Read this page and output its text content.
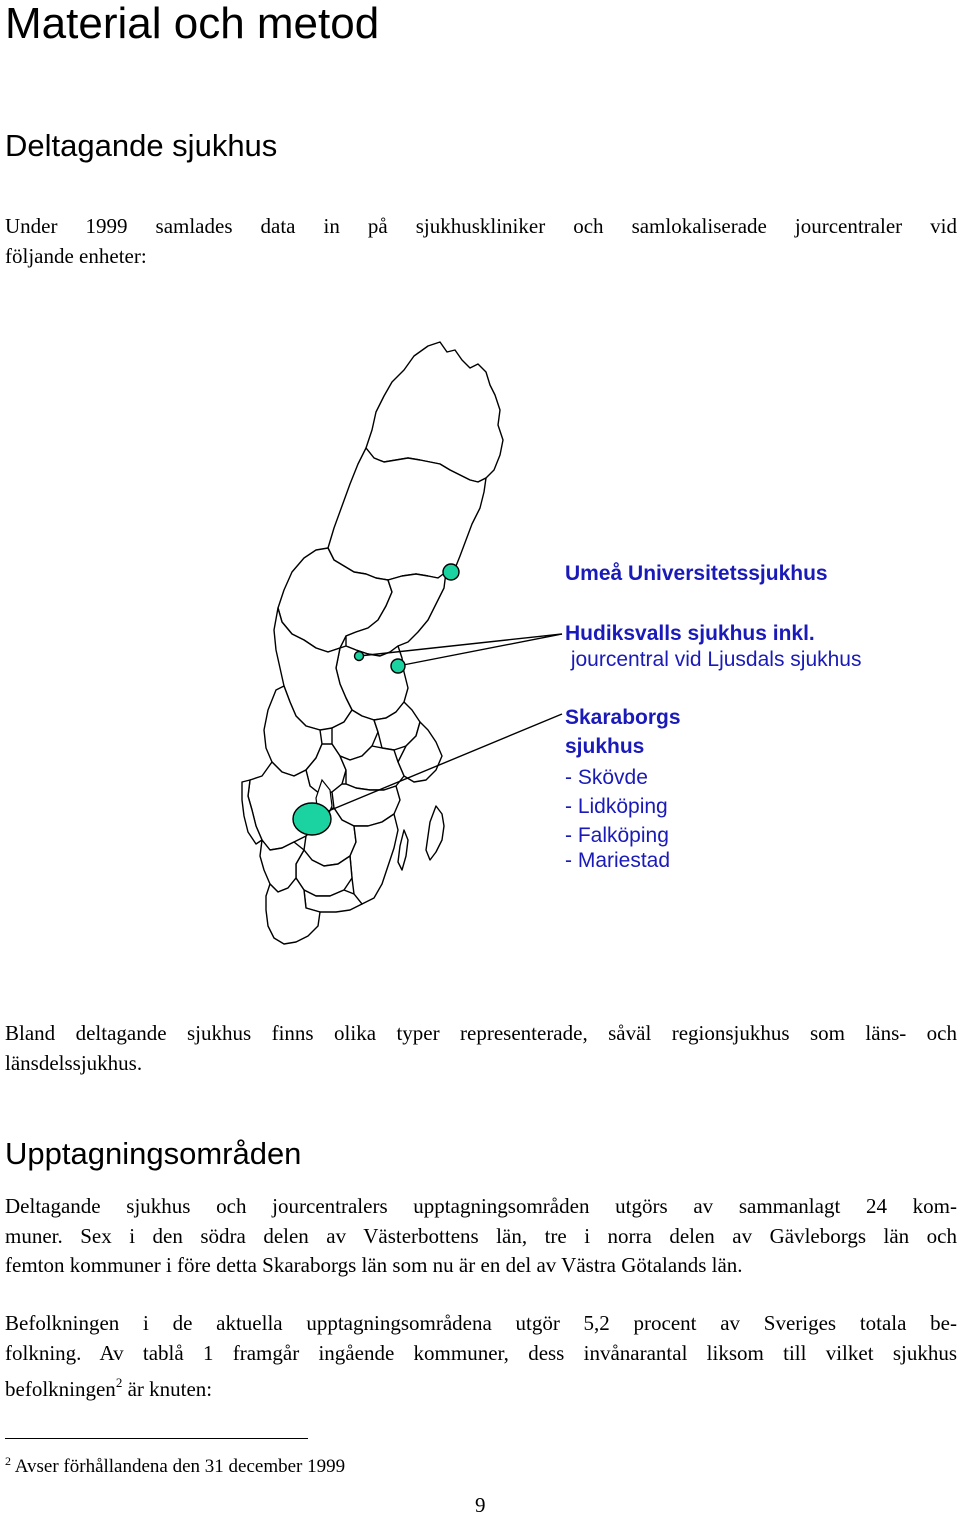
Material och metod
Deltagande sjukhus
Under 1999 samlades data in på sjukhuskliniker och samlokaliserade jourcentraler vid
följande enheter:
Umeå Universitetssjukhus
Hudiksvalls sjukhus inkl.
jourcentral vid Ljusdals sjukhus
Skaraborgs
sjukhus
- Skövde
- Lidköping
- Falköping
- Mariestad
Bland deltagande sjukhus finns olika typer representerade, såväl regionsjukhus som läns- och
länsdelssjukhus.
Upptagningsområden
Deltagande sjukhus och jourcentralers upptagningsområden utgörs av sammanlagt 24 kom-
muner. Sex i den södra delen av Västerbottens län, tre i norra delen av Gävleborgs län och
femton kommuner i före detta Skaraborgs län som nu är en del av Västra Götalands län.
Befolkningen i de aktuella upptagningsområdena utgör 5,2 procent av Sveriges totala be-
folkning. Av tablå 1 framgår ingående kommuner, dess invånarantal liksom till vilket sjukhus
befolkningen$^2$ är knuten:
$^2$ Avser förhållandena den 31 december 1999
9
